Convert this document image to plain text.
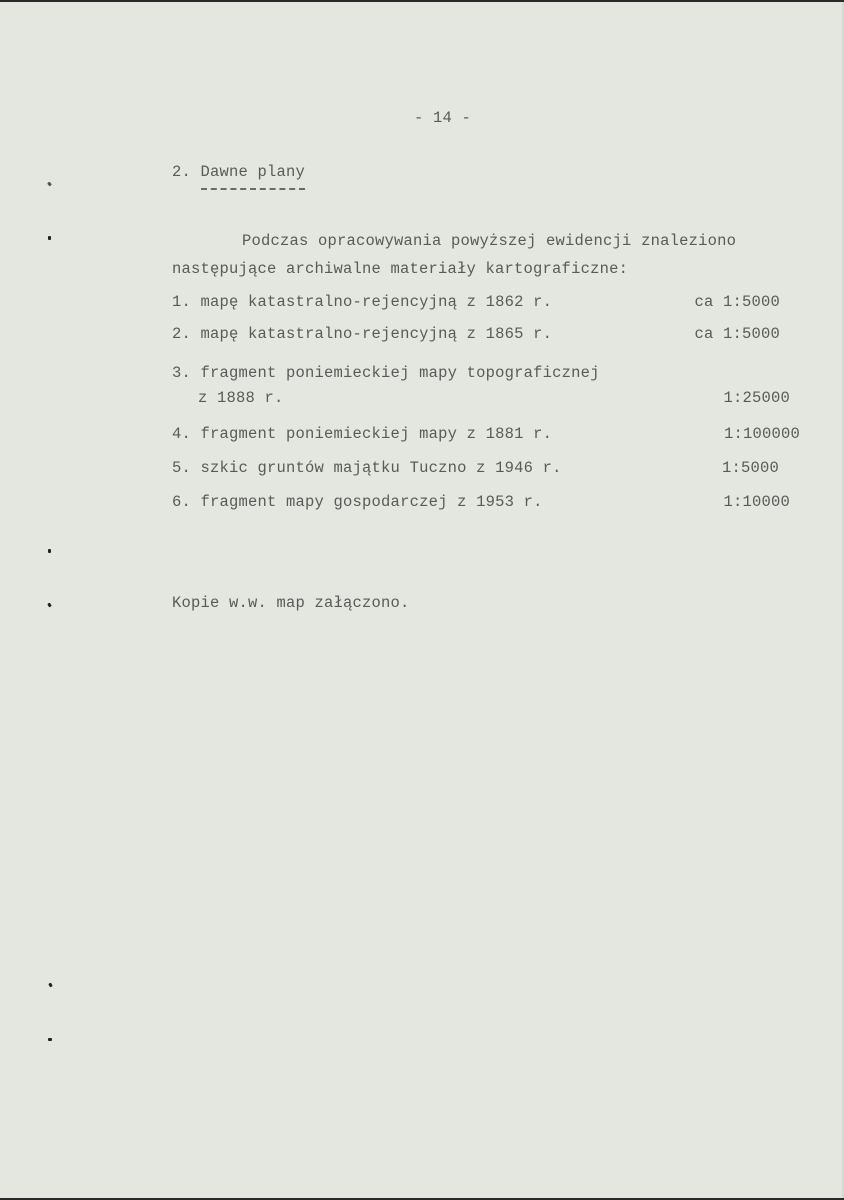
- 14 -
2. Dawne plany
Podczas opracowywania powyższej ewidencji znaleziono
następujące archiwalne materiały kartograficzne:
1. mapę katastralno-rejencyjną z 1862 r.	ca 1:5000
2. mapę katastralno-rejencyjną z 1865 r.	ca 1:5000
3. fragment poniemieckiej mapy topograficznej
z 1888 r.	1:25000
4. fragment poniemieckiej mapy z 1881 r.	1:100000
5. szkic gruntów majątku Tuczno z 1946 r.	1:5000
6. fragment mapy gospodarczej z 1953 r.	1:10000
Kopie w.w. map załączono.
